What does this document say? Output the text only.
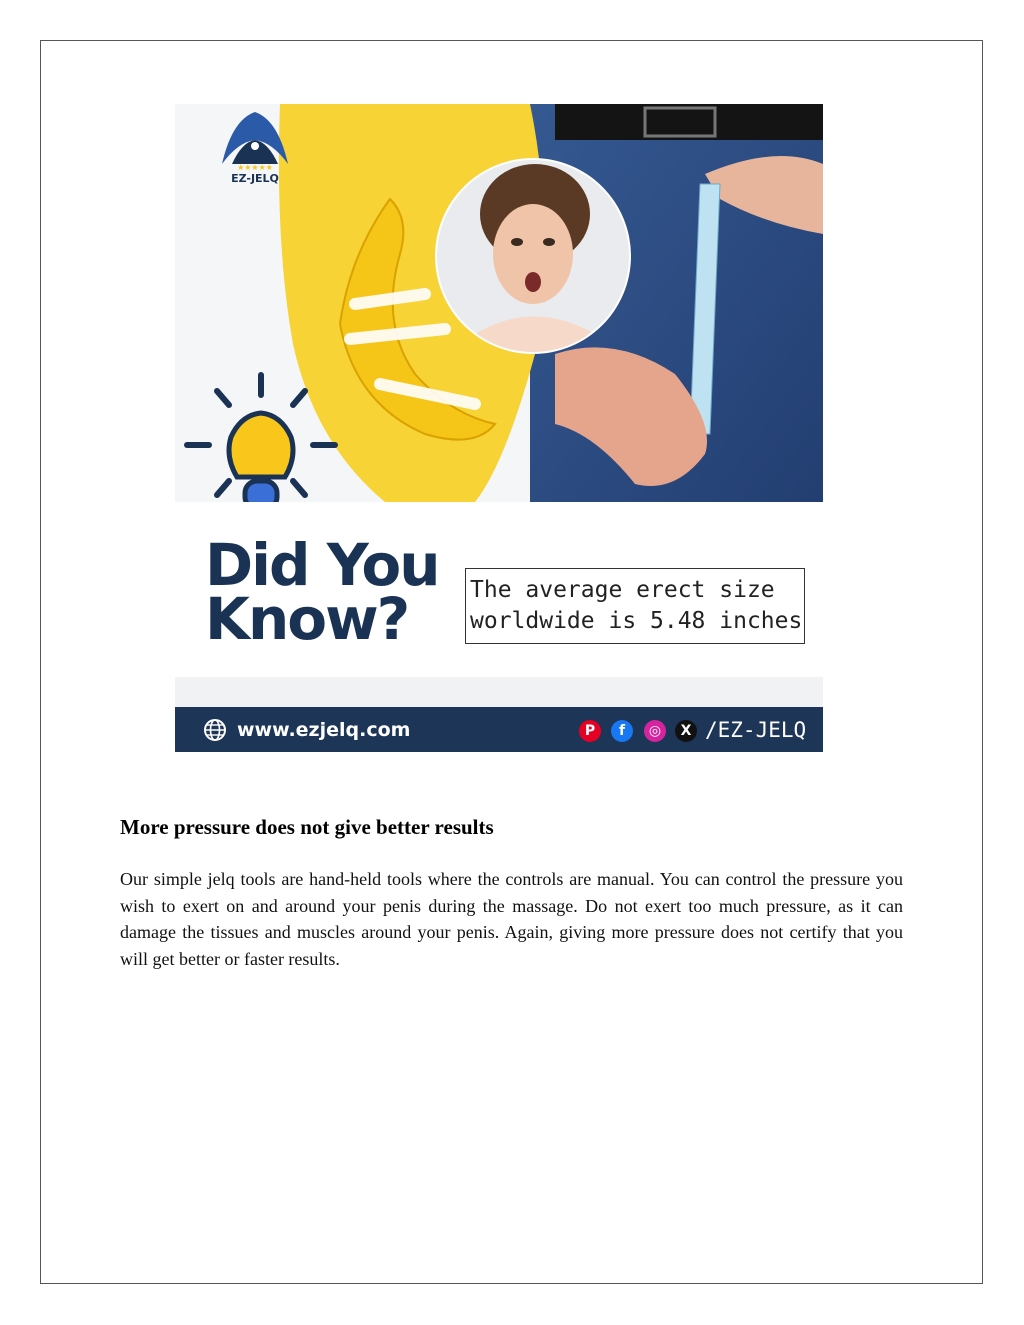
★★★★★
EZ-JELQ
Did You
Know?	The average erect size
worldwide is 5.48 inches
www.ezjelq.com	P	f	◎	X /EZ-JELQ
More pressure does not give better results

Our simple jelq tools are hand-held tools where the controls are manual. You can control the pressure you wish to exert on and around your penis during the massage. Do not exert too much pressure, as it can damage the tissues and muscles around your penis. Again, giving more pressure does not certify that you will get better or faster results.
